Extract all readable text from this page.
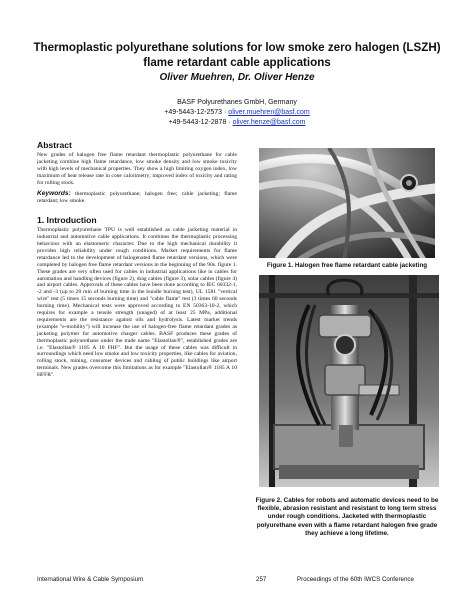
Thermoplastic polyurethane solutions for low smoke zero halogen (LSZH) flame retardant cable applications
Oliver Muehren, Dr. Oliver Henze
BASF Polyurethanes GmbH, Germany
+49-5443-12-2573 · oliver.muehren@basf.com
+49-5443-12-2878 · oliver.henze@basf.com
Abstract

New grades of halogen free flame retardant thermoplastic polyurethane for cable jacketing combine high flame retardance, low smoke density and low smoke toxicity with high levels of mechanical properties. They show a high limiting oxygen index, low maximum of heat release rate in cone calorimetry; improved index of toxicity and rating for rolling stock.

Keywords: thermoplastic polyurethane; halogen free; cable jacketing; flame retardant; low smoke.

1. Introduction

Thermoplastic polyurethane TPU is well established as cable jacketing material in industrial and automotive cable applications. It combines the thermoplastic processing behaviour with an elastomeric character. Due to the high mechanical durability it provides high reliability under rough conditions. Market requirements for flame retardance led to the development of halogenated flame retardant versions, which were completed by halogen free flame retardant versions in the beginning of the 90s. figure 1. These grades are very often used for cables in industrial applications like in cables for automation and handling devices (figure 2), drag cables (figure 3), solar cables (figure 4) and airport cables. Approvals of these cables have been done according to IEC 60332-1, -2 and -3 (up to 20 min of burning time in the bundle burning test), UL 1581 "vertical wire" test (5 times 15 seconds burning time) and "cable flame" test (3 times 60 seconds burning time). Mechanical tests were approved according to EN 50363-10-2, which requires for example a tensile strength (unaged) of at least 25 MPa, additional requirements are the resistance against oils and hydrolysis. Latest market trends (example "e-mobility") will increase the use of halogen-free flame retardant grades as jacketing polymer for automotive charger cables. BASF produces these grades of thermoplastic polyurethane under the trade name "Elastollan®", established grades are i.e. "Elastollan® 1185 A 10 FHF". But the usage of these cables was difficult in surroundings which need low smoke and low toxicity properties, like cables for aviation, rolling stock, mining, consumer devices and cabling of public buildings like airport terminals. New grades overcome this limitations as for example "Elastollan® 1185 A 10 HFFR".

Figure 1. Halogen free flame retardant cable jacketing
Figure 2. Cables for robots and automatic devices need to be flexible, abrasion resistant and resistant to long term stress under rough conditions. Jacketed with thermoplastic polyurethane even with a flame retardant halogen free grade they achieve a long lifetime.
International Wire & Cable Symposium	257	Proceedings of the 60th IWCS Conference
